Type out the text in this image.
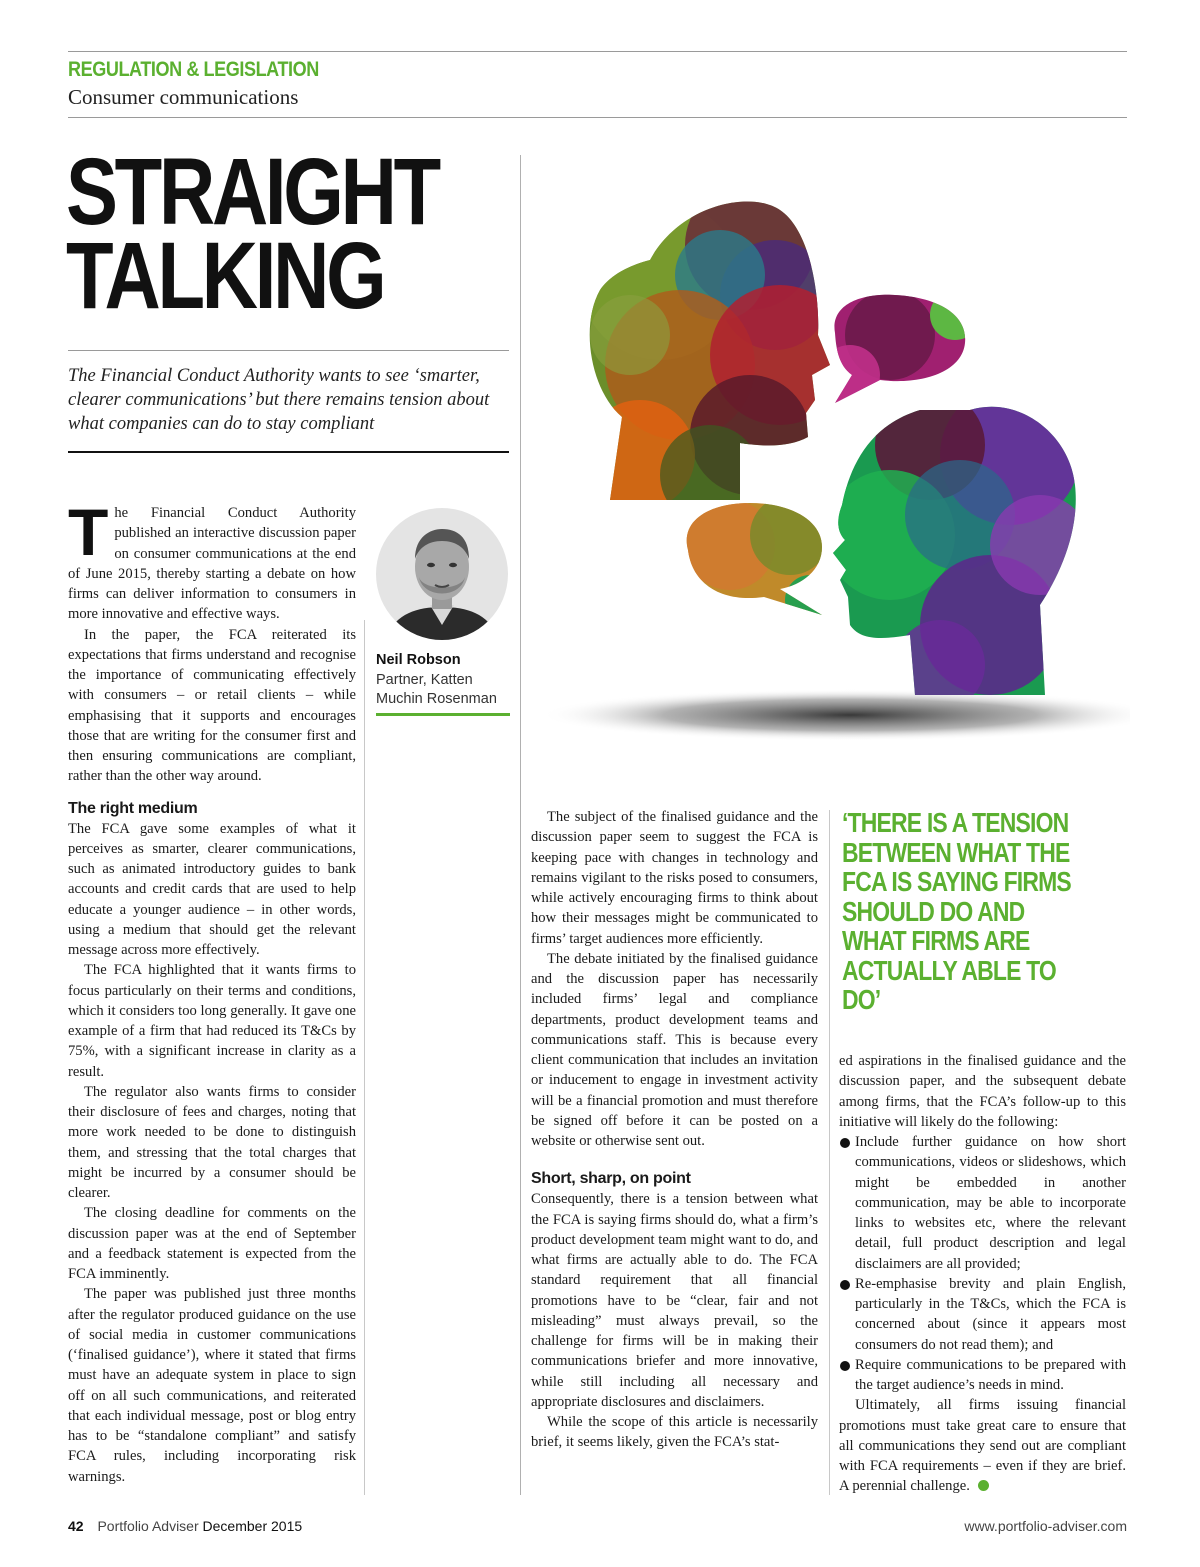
REGULATION & LEGISLATION
Consumer communications
STRAIGHT
TALKING
The Financial Conduct Authority wants to see ‘smarter, clearer communications’ but there remains tension about what companies can do to stay compliant
Neil Robson
Partner, Katten Muchin Rosenman

The Financial Conduct Authority published an interactive discussion paper on consumer communications at the end of June 2015, thereby starting a debate on how firms can deliver information to consumers in more innovative and effective ways.

In the paper, the FCA reiterated its expectations that firms understand and recognise the importance of communicating effectively with consumers – or retail clients – while emphasising that it supports and encourages those that are writing for the consumer first and then ensuring communications are compliant, rather than the other way around.

The right medium

The FCA gave some examples of what it perceives as smarter, clearer communications, such as animated introductory guides to bank accounts and credit cards that are used to help educate a younger audience – in other words, using a medium that should get the relevant message across more effectively.

The FCA highlighted that it wants firms to focus particularly on their terms and conditions, which it considers too long generally. It gave one example of a firm that had reduced its T&Cs by 75%, with a significant increase in clarity as a result.

The regulator also wants firms to consider their disclosure of fees and charges, noting that more work needed to be done to distinguish them, and stressing that the total charges that might be incurred by a consumer should be clearer.

The closing deadline for comments on the discussion paper was at the end of September and a feedback statement is expected from the FCA imminently.

The paper was published just three months after the regulator produced guidance on the use of social media in customer communications (‘finalised guidance’), where it stated that firms must have an adequate system in place to sign off on all such communications, and reiterated that each individual message, post or blog entry has to be “standalone compliant” and satisfy FCA rules, including incorporating risk warnings.

The subject of the finalised guidance and the discussion paper seem to suggest the FCA is keeping pace with changes in technology and remains vigilant to the risks posed to consumers, while actively encouraging firms to think about how their messages might be communicated to firms’ target audiences more efficiently.

The debate initiated by the finalised guidance and the discussion paper has necessarily included firms’ legal and compliance departments, product development teams and communications staff. This is because every client communication that includes an invitation or inducement to engage in investment activity will be a financial promotion and must therefore be signed off before it can be posted on a website or otherwise sent out.

Short, sharp, on point

Consequently, there is a tension between what the FCA is saying firms should do, what a firm’s product development team might want to do, and what firms are actually able to do. The FCA standard requirement that all financial promotions have to be “clear, fair and not misleading” must always prevail, so the challenge for firms will be in making their communications briefer and more innovative, while still including all necessary and appropriate disclosures and disclaimers.

While the scope of this article is necessarily brief, it seems likely, given the FCA’s stat-

‘THERE IS A TENSION BETWEEN WHAT THE FCA IS SAYING FIRMS SHOULD DO AND WHAT FIRMS ARE ACTUALLY ABLE TO DO’

ed aspirations in the finalised guidance and the discussion paper, and the subsequent debate among firms, that the FCA’s follow-up to this initiative will likely do the following:

Include further guidance on how short communications, videos or slideshows, which might be embedded in another communication, may be able to incorporate links to websites etc, where the relevant detail, full product description and legal disclaimers are all provided;
Re-emphasise brevity and plain English, particularly in the T&Cs, which the FCA is concerned about (since it appears most consumers do not read them); and
Require communications to be prepared with the target audience’s needs in mind.

Ultimately, all firms issuing financial promotions must take great care to ensure that all communications they send out are compliant with FCA requirements – even if they are brief. A perennial challenge.

42 Portfolio Adviser December 2015	www.portfolio-adviser.com
